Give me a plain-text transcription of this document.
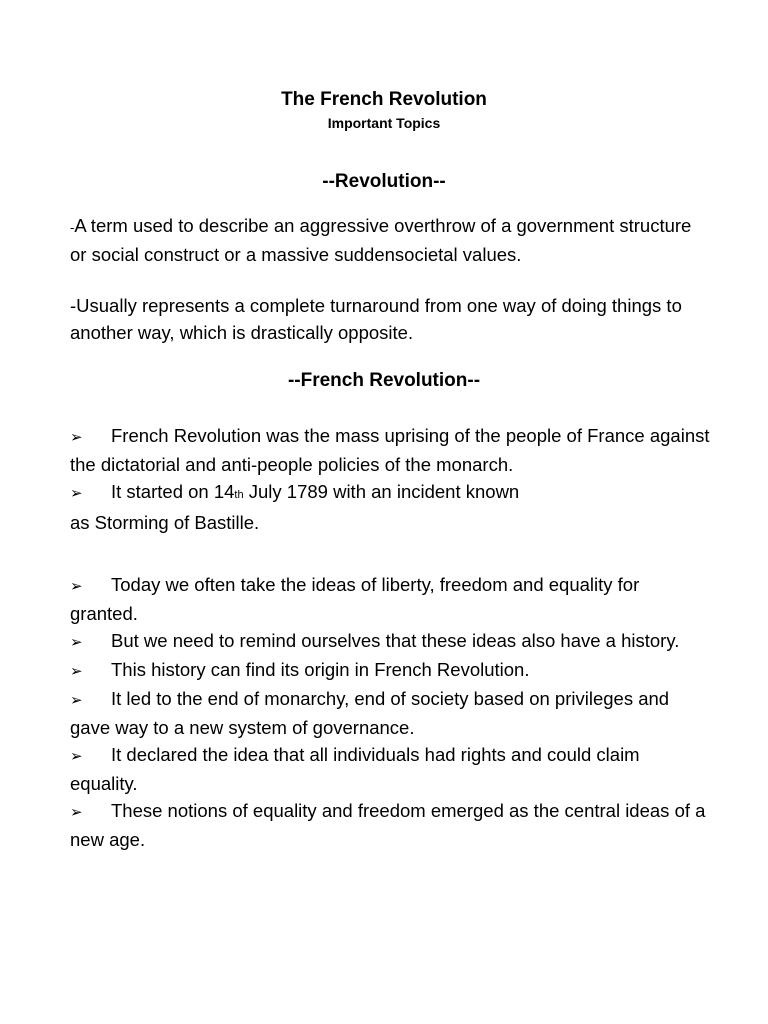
The French Revolution
Important Topics
--Revolution--
-A term used to describe an aggressive overthrow of a government structure or social construct or a massive suddensocietal values.
-Usually represents a complete turnaround from one way of doing things to another way, which is drastically opposite.
--French Revolution--

➢ French Revolution was the mass uprising of the people of France against the dictatorial and anti-people policies of the monarch.

➢ It started on 14th July 1789 with an incident known
as Storming of Bastille.

➢ Today we often take the ideas of liberty, freedom and equality for granted.

➢ But we need to remind ourselves that these ideas also have a history.

➢ This history can find its origin in French Revolution.

➢ It led to the end of monarchy, end of society based on privileges and gave way to a new system of governance.

➢ It declared the idea that all individuals had rights and could claim equality.

➢ These notions of equality and freedom emerged as the central ideas of a new age.
